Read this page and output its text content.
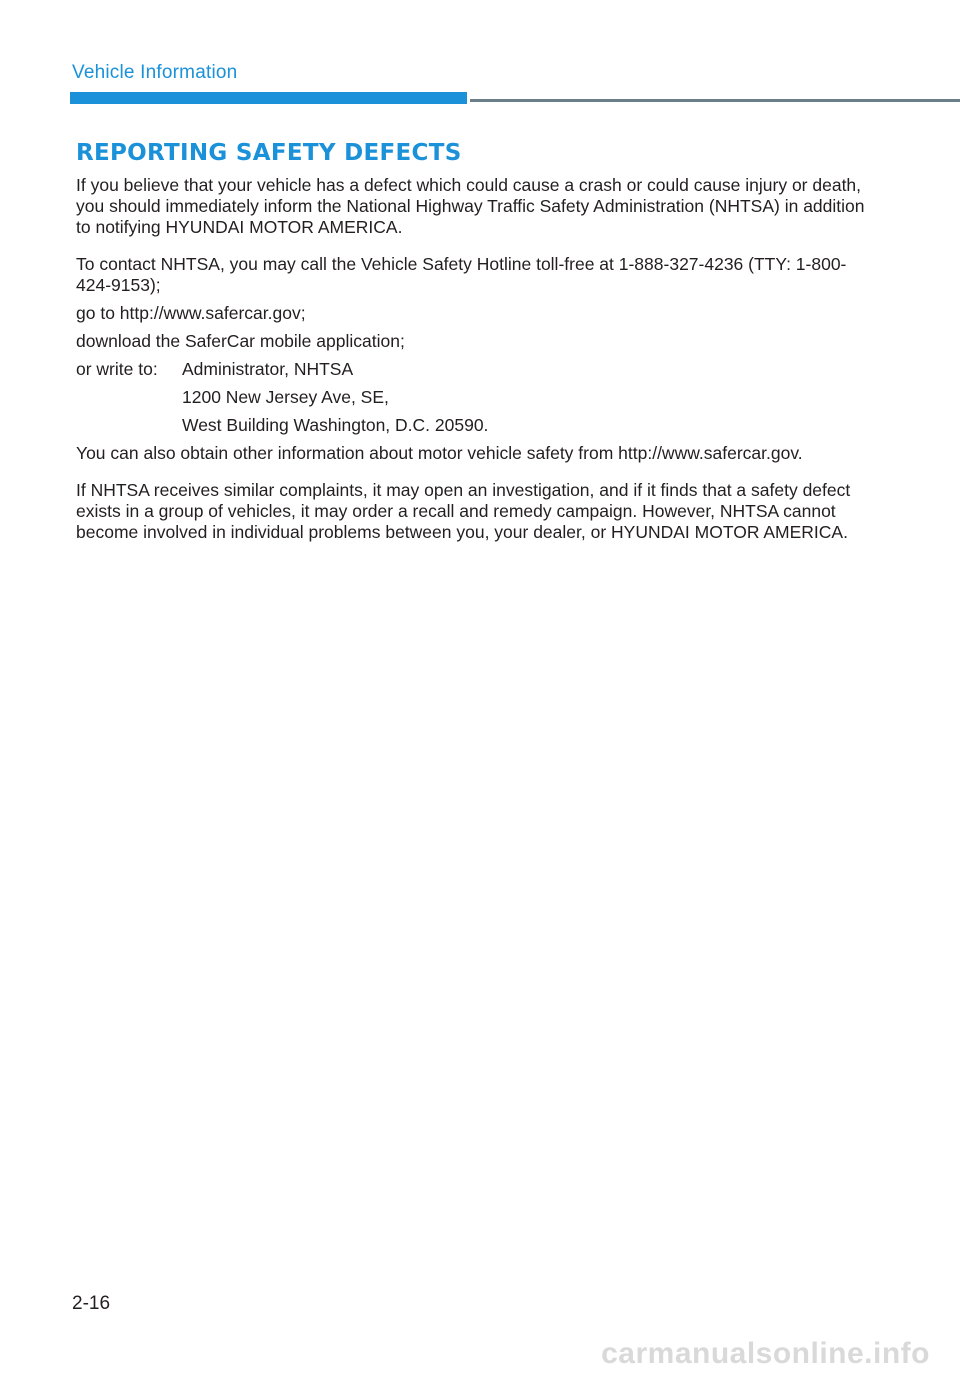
Vehicle Information
REPORTING SAFETY DEFECTS

If you believe that your vehicle has a defect which could cause a crash or could cause injury or death, you should immediately inform the National Highway Traffic Safety Administration (NHTSA) in addition to notifying HYUNDAI MOTOR AMERICA.

To contact NHTSA, you may call the Vehicle Safety Hotline toll-free at 1-888-327-4236 (TTY: 1-800-424-9153);

go to http://www.safercar.gov;

download the SaferCar mobile application;

or write to:	Administrator, NHTSA
1200 New Jersey Ave, SE,
West Building Washington, D.C. 20590.

You can also obtain other information about motor vehicle safety from http://www.safercar.gov.

If NHTSA receives similar complaints, it may open an investigation, and if it finds that a safety defect exists in a group of vehicles, it may order a recall and remedy campaign. However, NHTSA cannot become involved in individual problems between you, your dealer, or HYUNDAI MOTOR AMERICA.

2-16
carmanualsonline.info
